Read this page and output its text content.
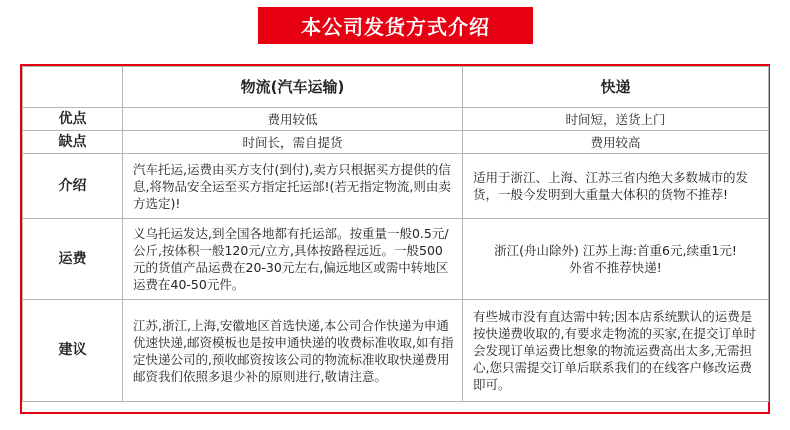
本公司发货方式介绍
	物流(汽车运输)	快递
优点	费用较低	时间短，送货上门
缺点	时间长，需自提货	费用较高
介绍	汽车托运,运费由买方支付(到付),卖方只根据买方提供的信息,将物品安全运至买方指定托运部!(若无指定物流,则由卖方选定)!	适用于浙江、上海、江苏三省内绝大多数城市的发货，一般今发明到大重量大体积的货物不推荐!
运费	义乌托运发达,到全国各地都有托运部。按重量一般0.5元/公斤,按体积一般120元/立方,具体按路程远近。一般500元的货值产品运费在20-30元左右,偏远地区或需中转地区运费在40-50元件。	浙江(舟山除外) 江苏上海:首重6元,续重1元!外省不推荐快递!
建议	江苏,浙江,上海,安徽地区首选快递,本公司合作快递为申通优速快递,邮资模板也是按申通快递的收费标准收取,如有指定快递公司的,预收邮资按该公司的物流标准收取快递费用邮资我们依照多退少补的原则进行,敬请注意。	有些城市没有直达需中转;因本店系统默认的运费是按快递费收取的,有要求走物流的买家,在提交订单时会发现订单运费比想象的物流运费高出太多,无需担心,您只需提交订单后联系我们的在线客户修改运费即可。
